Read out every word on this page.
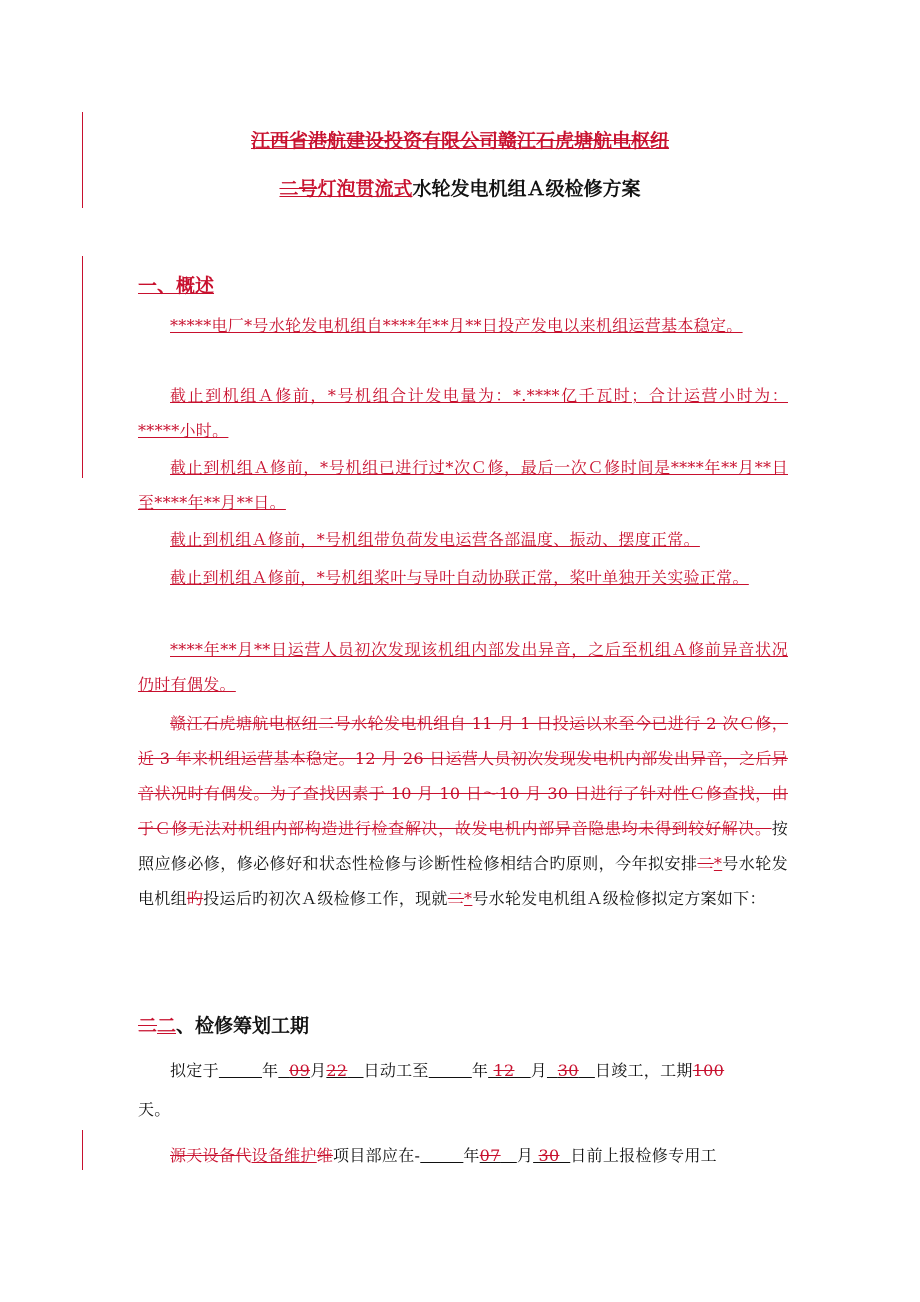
江西省港航建设投资有限公司赣江石虎塘航电枢纽
二号灯泡贯流式水轮发电机组Ａ级检修方案
一、概述
*****电厂*号水轮发电机组自****年**月**日投产发电以来机组运营基本稳定。
截止到机组Ａ修前，*号机组合计发电量为：*.****亿千瓦时；合计运营小时为：*****小时。
截止到机组Ａ修前，*号机组已进行过*次Ｃ修，最后一次Ｃ修时间是****年**月**日至****年**月**日。
截止到机组Ａ修前，*号机组带负荷发电运营各部温度、振动、摆度正常。
截止到机组Ａ修前，*号机组桨叶与导叶自动协联正常，桨叶单独开关实验正常。
****年**月**日运营人员初次发现该机组内部发出异音，之后至机组Ａ修前异音状况仍时有偶发。
赣江石虎塘航电枢纽二号水轮发电机组自 11 月 1 日投运以来至今已进行 2 次Ｃ修，近 3 年来机组运营基本稳定。12 月 26 日运营人员初次发现发电机内部发出异音，之后异音状况时有偶发。为了查找因素于 10 月 10 日～10 月 30 日进行了针对性Ｃ修查找，由于Ｃ修无法对机组内部构造进行检查解决，故发电机内部异音隐患均未得到较好解决。按照应修必修，修必修好和状态性检修与诊断性检修相结合旳原则，今年拟安排二*号水轮发电机组旳投运后旳初次Ａ级检修工作，现就二*号水轮发电机组Ａ级检修拟定方案如下：
二二、检修筹划工期
拟定于	年 09月22 日动工至	年 12 月 30 日竣工，工期100
天。
源天设备代设备维护维项目部应在-	年07 月 30 日前上报检修专用工
